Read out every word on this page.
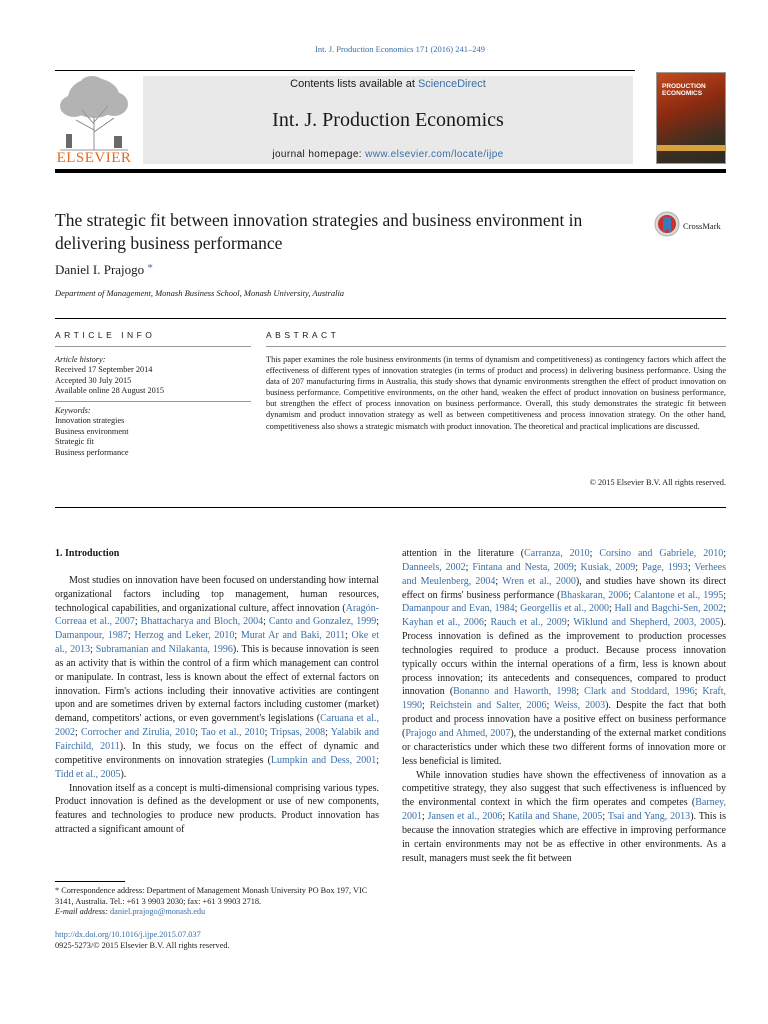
Int. J. Production Economics 171 (2016) 241–249
ELSEVIER
Contents lists available at ScienceDirect
Int. J. Production Economics
journal homepage: www.elsevier.com/locate/ijpe
PRODUCTION ECONOMICS
The strategic fit between innovation strategies and business environment in delivering business performance
CrossMark
Daniel I. Prajogo *
Department of Management, Monash Business School, Monash University, Australia
ARTICLE INFO	ABSTRACT
Article history:
Received 17 September 2014
Accepted 30 July 2015
Available online 28 August 2015
Keywords:
Innovation strategies
Business environment
Strategic fit
Business performance
This paper examines the role business environments (in terms of dynamism and competitiveness) as contingency factors which affect the effectiveness of different types of innovation strategies (in terms of product and process) in delivering business performance. Using the data of 207 manufacturing firms in Australia, this study shows that dynamic environments strengthen the effect of product innovation on business performance. Competitive environments, on the other hand, weaken the effect of product innovation on business performance, but strengthen the effect of process innovation on business performance. Overall, this study demonstrates the strategic fit between dynamism and product innovation strategy as well as between competitiveness and process innovation strategy. On the other hand, competitiveness also shows a strategic mismatch with product innovation. The theoretical and practical implications are discussed.
© 2015 Elsevier B.V. All rights reserved.
1. Introduction

Most studies on innovation have been focused on understanding how internal organizational factors including top management, human resources, technological capabilities, and organizational culture, affect innovation (Aragón-Correaa et al., 2007; Bhattacharya and Bloch, 2004; Canto and Gonzalez, 1999; Damanpour, 1987; Herzog and Leker, 2010; Murat Ar and Baki, 2011; Oke et al., 2013; Subramanian and Nilakanta, 1996). This is because innovation is seen as an activity that is within the control of a firm which management can control or manipulate. In contrast, less is known about the effect of external factors on innovation. Firm's actions including their innovative activities are contingent upon and are sometimes driven by external factors including customer (market) demand, competitors' actions, or even government's legislations (Caruana et al., 2002; Corrocher and Zirulia, 2010; Tao et al., 2010; Tripsas, 2008; Yalabik and Fairchild, 2011). In this study, we focus on the effect of dynamic and competitive environments on innovation strategies (Lumpkin and Dess, 2001; Tidd et al., 2005).

Innovation itself as a concept is multi-dimensional comprising various types. Product innovation is defined as the development or use of new components, features and technologies to produce new products. Product innovation has attracted a significant amount of

attention in the literature (Carranza, 2010; Corsino and Gabriele, 2010; Danneels, 2002; Fintana and Nesta, 2009; Kusiak, 2009; Page, 1993; Verhees and Meulenberg, 2004; Wren et al., 2000), and studies have shown its direct effect on firms' business performance (Bhaskaran, 2006; Calantone et al., 1995; Damanpour and Evan, 1984; Georgellis et al., 2000; Hall and Bagchi-Sen, 2002; Kayhan et al., 2006; Rauch et al., 2009; Wiklund and Shepherd, 2003, 2005). Process innovation is defined as the improvement to production processes technologies required to produce a product. Because process innovation typically occurs within the internal operations of a firm, less is known about process innovation; its antecedents and consequences, compared to product innovation (Bonanno and Haworth, 1998; Clark and Stoddard, 1996; Kraft, 1990; Reichstein and Salter, 2006; Weiss, 2003). Despite the fact that both product and process innovation have a positive effect on business performance (Prajogo and Ahmed, 2007), the understanding of the external market conditions or characteristics under which these two different forms of innovation more or less beneficial is limited.

While innovation studies have shown the effectiveness of innovation as a competitive strategy, they also suggest that such effectiveness is influenced by the environmental context in which the firm operates and competes (Barney, 2001; Jansen et al., 2006; Katila and Shane, 2005; Tsai and Yang, 2013). This is because the innovation strategies which are effective in improving performance in certain environments may not be as effective in other environments. As a result, managers must seek the fit between

* Correspondence address: Department of Management Monash University PO Box 197, VIC 3141, Australia. Tel.: +61 3 9903 2030; fax: +61 3 9903 2718.
E-mail address: daniel.prajogo@monash.edu
http://dx.doi.org/10.1016/j.ijpe.2015.07.037
0925-5273/© 2015 Elsevier B.V. All rights reserved.
